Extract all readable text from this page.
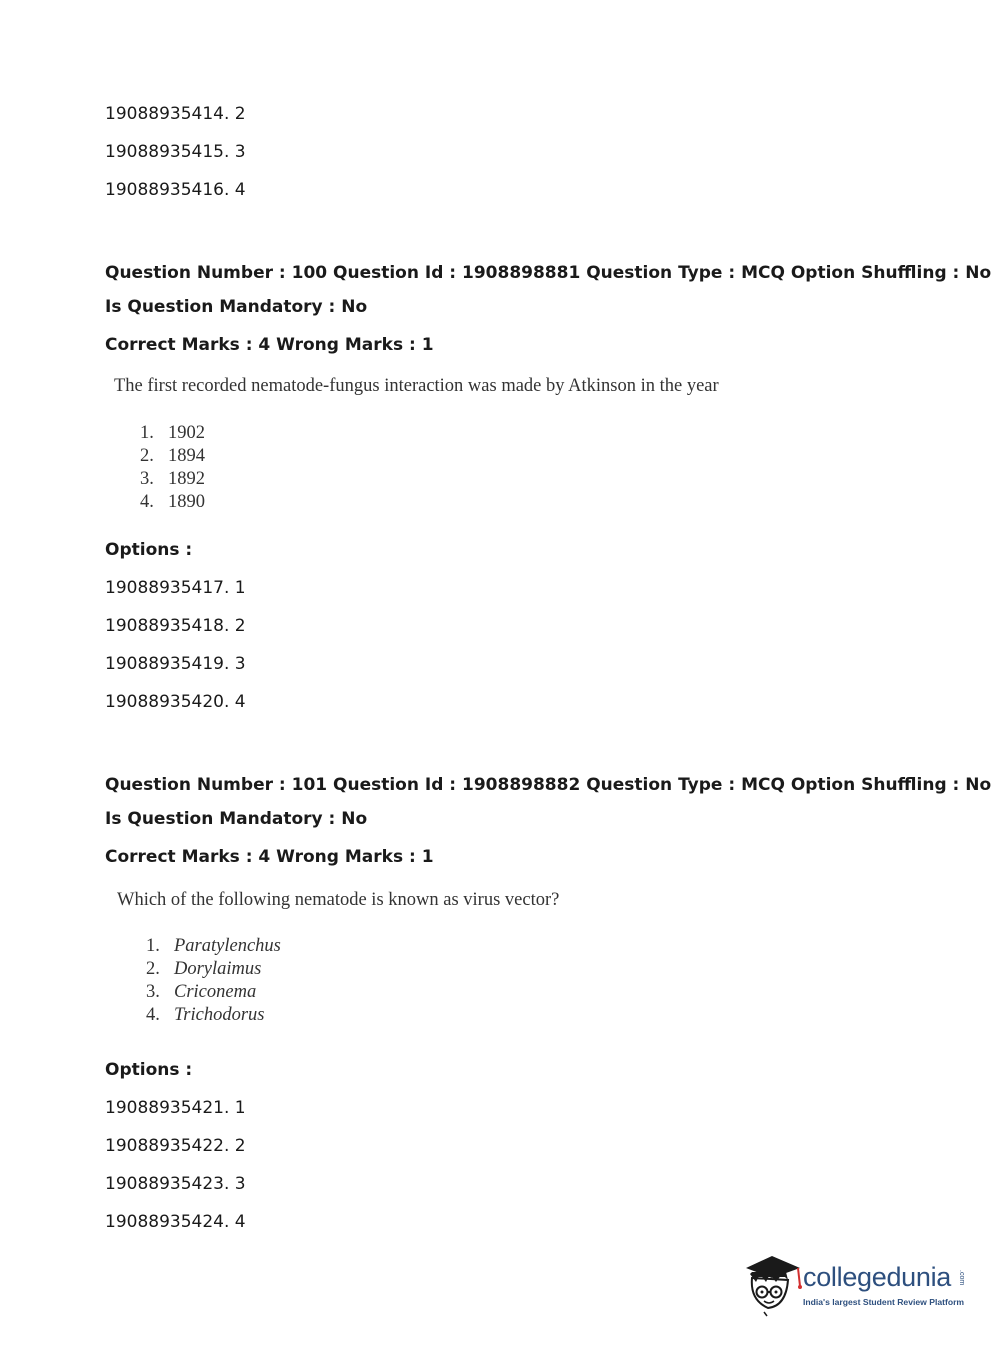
19088935414. 2
19088935415. 3
19088935416. 4
Question Number : 100 Question Id : 1908898881 Question Type : MCQ Option Shuffling : No
Is Question Mandatory : No
Correct Marks : 4 Wrong Marks : 1
The first recorded nematode-fungus interaction was made by Atkinson in the year
1. 1902
2. 1894
3. 1892
4. 1890
Options :
19088935417. 1
19088935418. 2
19088935419. 3
19088935420. 4
Question Number : 101 Question Id : 1908898882 Question Type : MCQ Option Shuffling : No
Is Question Mandatory : No
Correct Marks : 4 Wrong Marks : 1
Which of the following nematode is known as virus vector?
1. Paratylenchus
2. Dorylaimus
3. Criconema
4. Trichodorus
Options :
19088935421. 1
19088935422. 2
19088935423. 3
19088935424. 4
collegedunia .com
India's largest Student Review Platform
